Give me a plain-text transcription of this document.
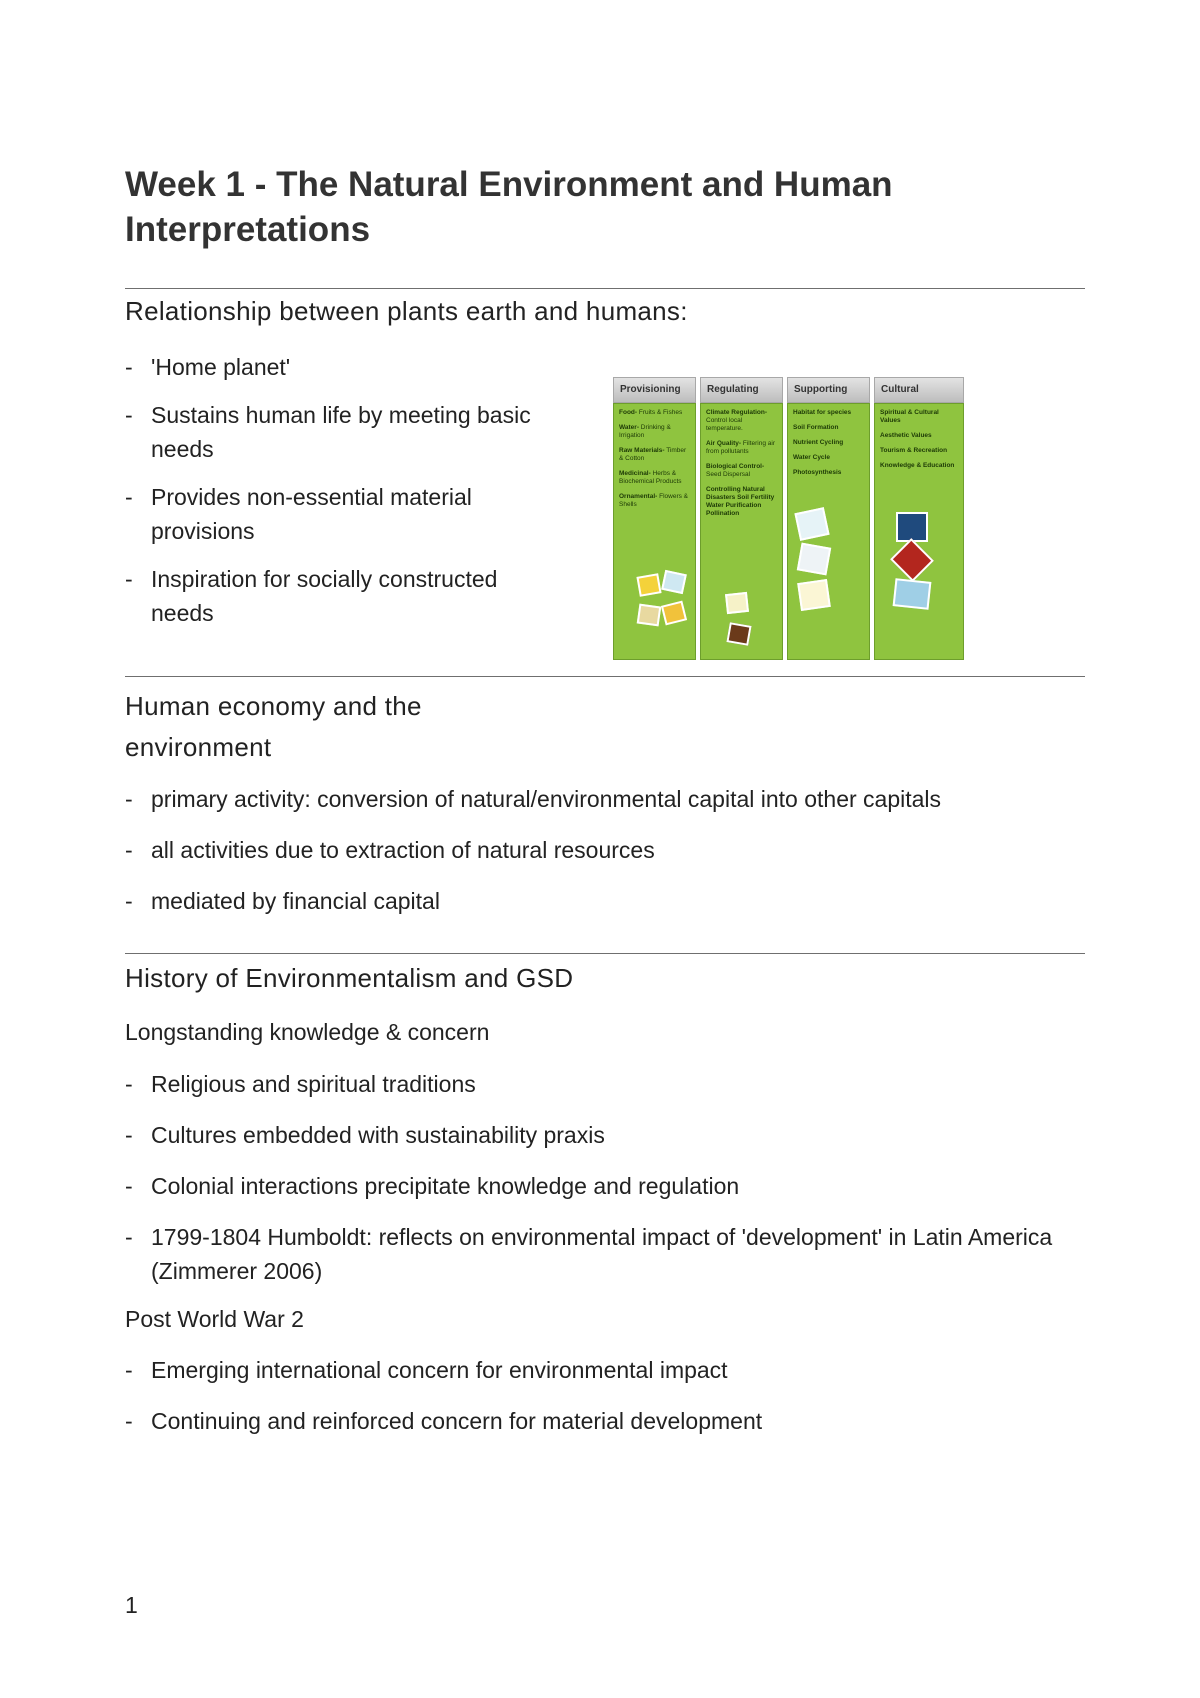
Week 1 - The Natural Environment and Human Interpretations
Relationship between plants earth and humans:
- 'Home planet'
- Sustains human life by meeting basic needs
- Provides non-essential material provisions
- Inspiration for socially constructed needs
Provisioning
Food- Fruits & Fishes
Water- Drinking & Irrigation
Raw Materials- Timber & Cotton
Medicinal- Herbs & Biochemical Products
Ornamental- Flowers & Shells
Regulating
Climate Regulation- Control local temperature.
Air Quality- Filtering air from pollutants
Biological Control- Seed Dispersal
Controlling Natural Disasters Soil Fertility Water Purification Pollination
Supporting
Habitat for species
Soil Formation
Nutrient Cycling
Water Cycle
Photosynthesis
Cultural
Spiritual & Cultural Values
Aesthetic Values
Tourism & Recreation
Knowledge & Education
Human economy and the
environment
- primary activity: conversion of natural/environmental capital into other capitals
- all activities due to extraction of natural resources
- mediated by financial capital
History of Environmentalism and GSD
Longstanding knowledge & concern
- Religious and spiritual traditions
- Cultures embedded with sustainability praxis
- Colonial interactions precipitate knowledge and regulation
- 1799-1804 Humboldt: reflects on environmental impact of 'development' in Latin America (Zimmerer 2006)
Post World War 2
- Emerging international concern for environmental impact
- Continuing and reinforced concern for material development
1
